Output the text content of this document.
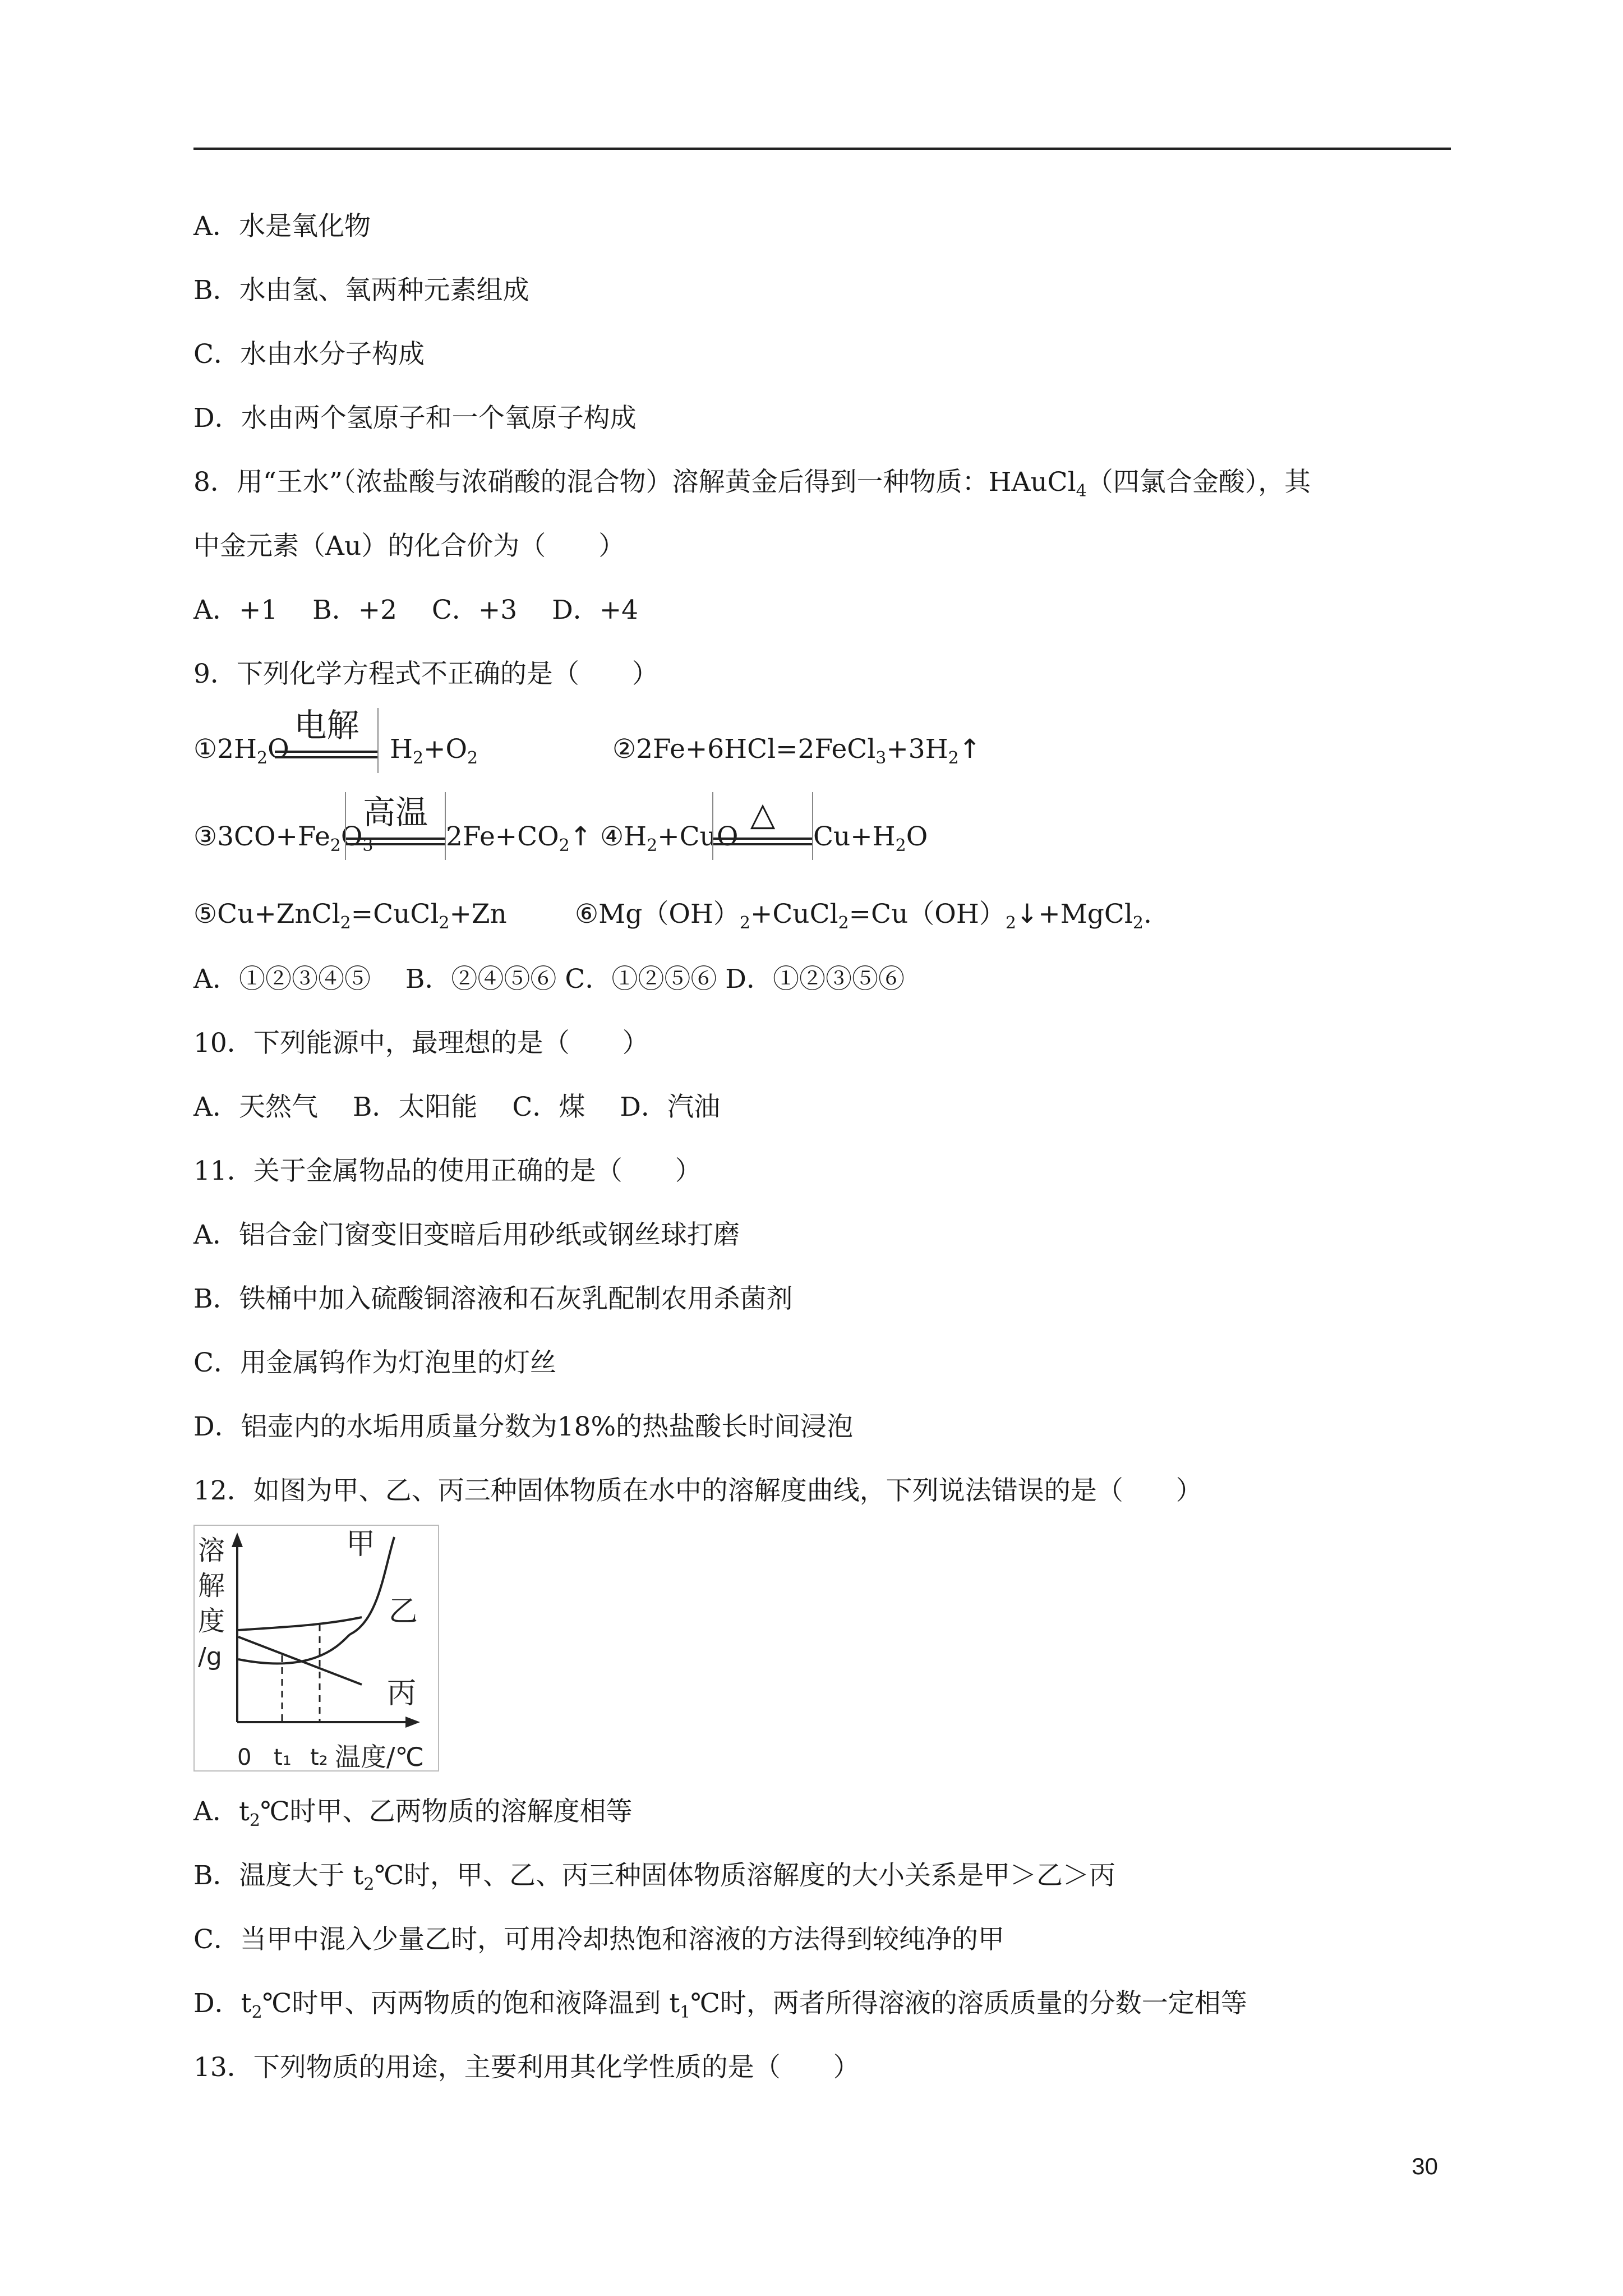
A．水是氧化物
B．水由氢、氧两种元素组成
C．水由水分子构成
D．水由两个氢原子和一个氧原子构成
8．用“王水”（浓盐酸与浓硝酸的混合物）溶解黄金后得到一种物质：HAuCl$_4$（四氯合金酸），其
中金元素（Au）的化合价为（　　）
A．+1　 B．+2　 C．+3　 D．+4
9．下列化学方程式不正确的是（　　）
$①2H_2O$
电解
$H_2+O_2$	$②2Fe+6HCl=2FeCl_3+3H_2↑$
$③3CO+Fe_2O_3$
高温
$2Fe+CO_2↑$ $④H_2+CuO$
△
$Cu+H_2O$
⑤Cu+ZnCl$_2$=CuCl$_2$+Zn	$⑥Mg(OH)_2+CuCl_2=Cu(OH)_2↓+MgCl_2$.
A．①②③④⑤　 B．②④⑤⑥ C．①②⑤⑥ D．①②③⑤⑥
10．下列能源中，最理想的是（　　）
A．天然气　 B．太阳能　 C．煤　 D．汽油
11．关于金属物品的使用正确的是（　　）
A．铝合金门窗变旧变暗后用砂纸或钢丝球打磨
B．铁桶中加入硫酸铜溶液和石灰乳配制农用杀菌剂
C．用金属钨作为灯泡里的灯丝
D．铝壶内的水垢用质量分数为18%的热盐酸长时间浸泡
12．如图为甲、乙、丙三种固体物质在水中的溶解度曲线，下列说法错误的是（　　）
溶
解
度
/g
甲
乙
丙
0 t₁ t₂ 温度/℃
A．$t_2℃$时甲、乙两物质的溶解度相等
B．温度大于 $t_2℃$时，甲、乙、丙三种固体物质溶解度的大小关系是甲＞乙＞丙
C．当甲中混入少量乙时，可用冷却热饱和溶液的方法得到较纯净的甲
D．$t_2℃$时甲、丙两物质的饱和液降温到 $t_1℃$时，两者所得溶液的溶质质量的分数一定相等
13．下列物质的用途，主要利用其化学性质的是（　　）
30
